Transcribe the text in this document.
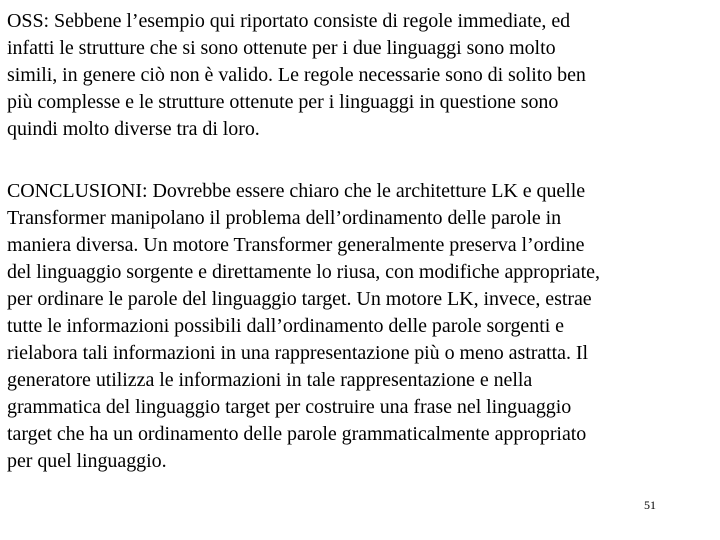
OSS: Sebbene l’esempio qui riportato consiste di regole immediate, ed
infatti le strutture che si sono ottenute per i due linguaggi sono molto
simili, in genere ciò non è valido. Le regole necessarie sono di solito ben
più complesse e le strutture ottenute per i linguaggi in questione sono
quindi molto diverse tra di loro.

CONCLUSIONI: Dovrebbe essere chiaro che le architetture LK e quelle
Transformer manipolano il problema dell’ordinamento delle parole in
maniera diversa. Un motore Transformer generalmente preserva l’ordine
del linguaggio sorgente e direttamente lo riusa, con modifiche appropriate,
per ordinare le parole del linguaggio target. Un motore LK, invece, estrae
tutte le informazioni possibili dall’ordinamento delle parole sorgenti e
rielabora tali informazioni in una rappresentazione più o meno astratta. Il
generatore utilizza le informazioni in tale rappresentazione e nella
grammatica del linguaggio target per costruire una frase nel linguaggio
target che ha un ordinamento delle parole grammaticalmente appropriato
per quel linguaggio.

51
